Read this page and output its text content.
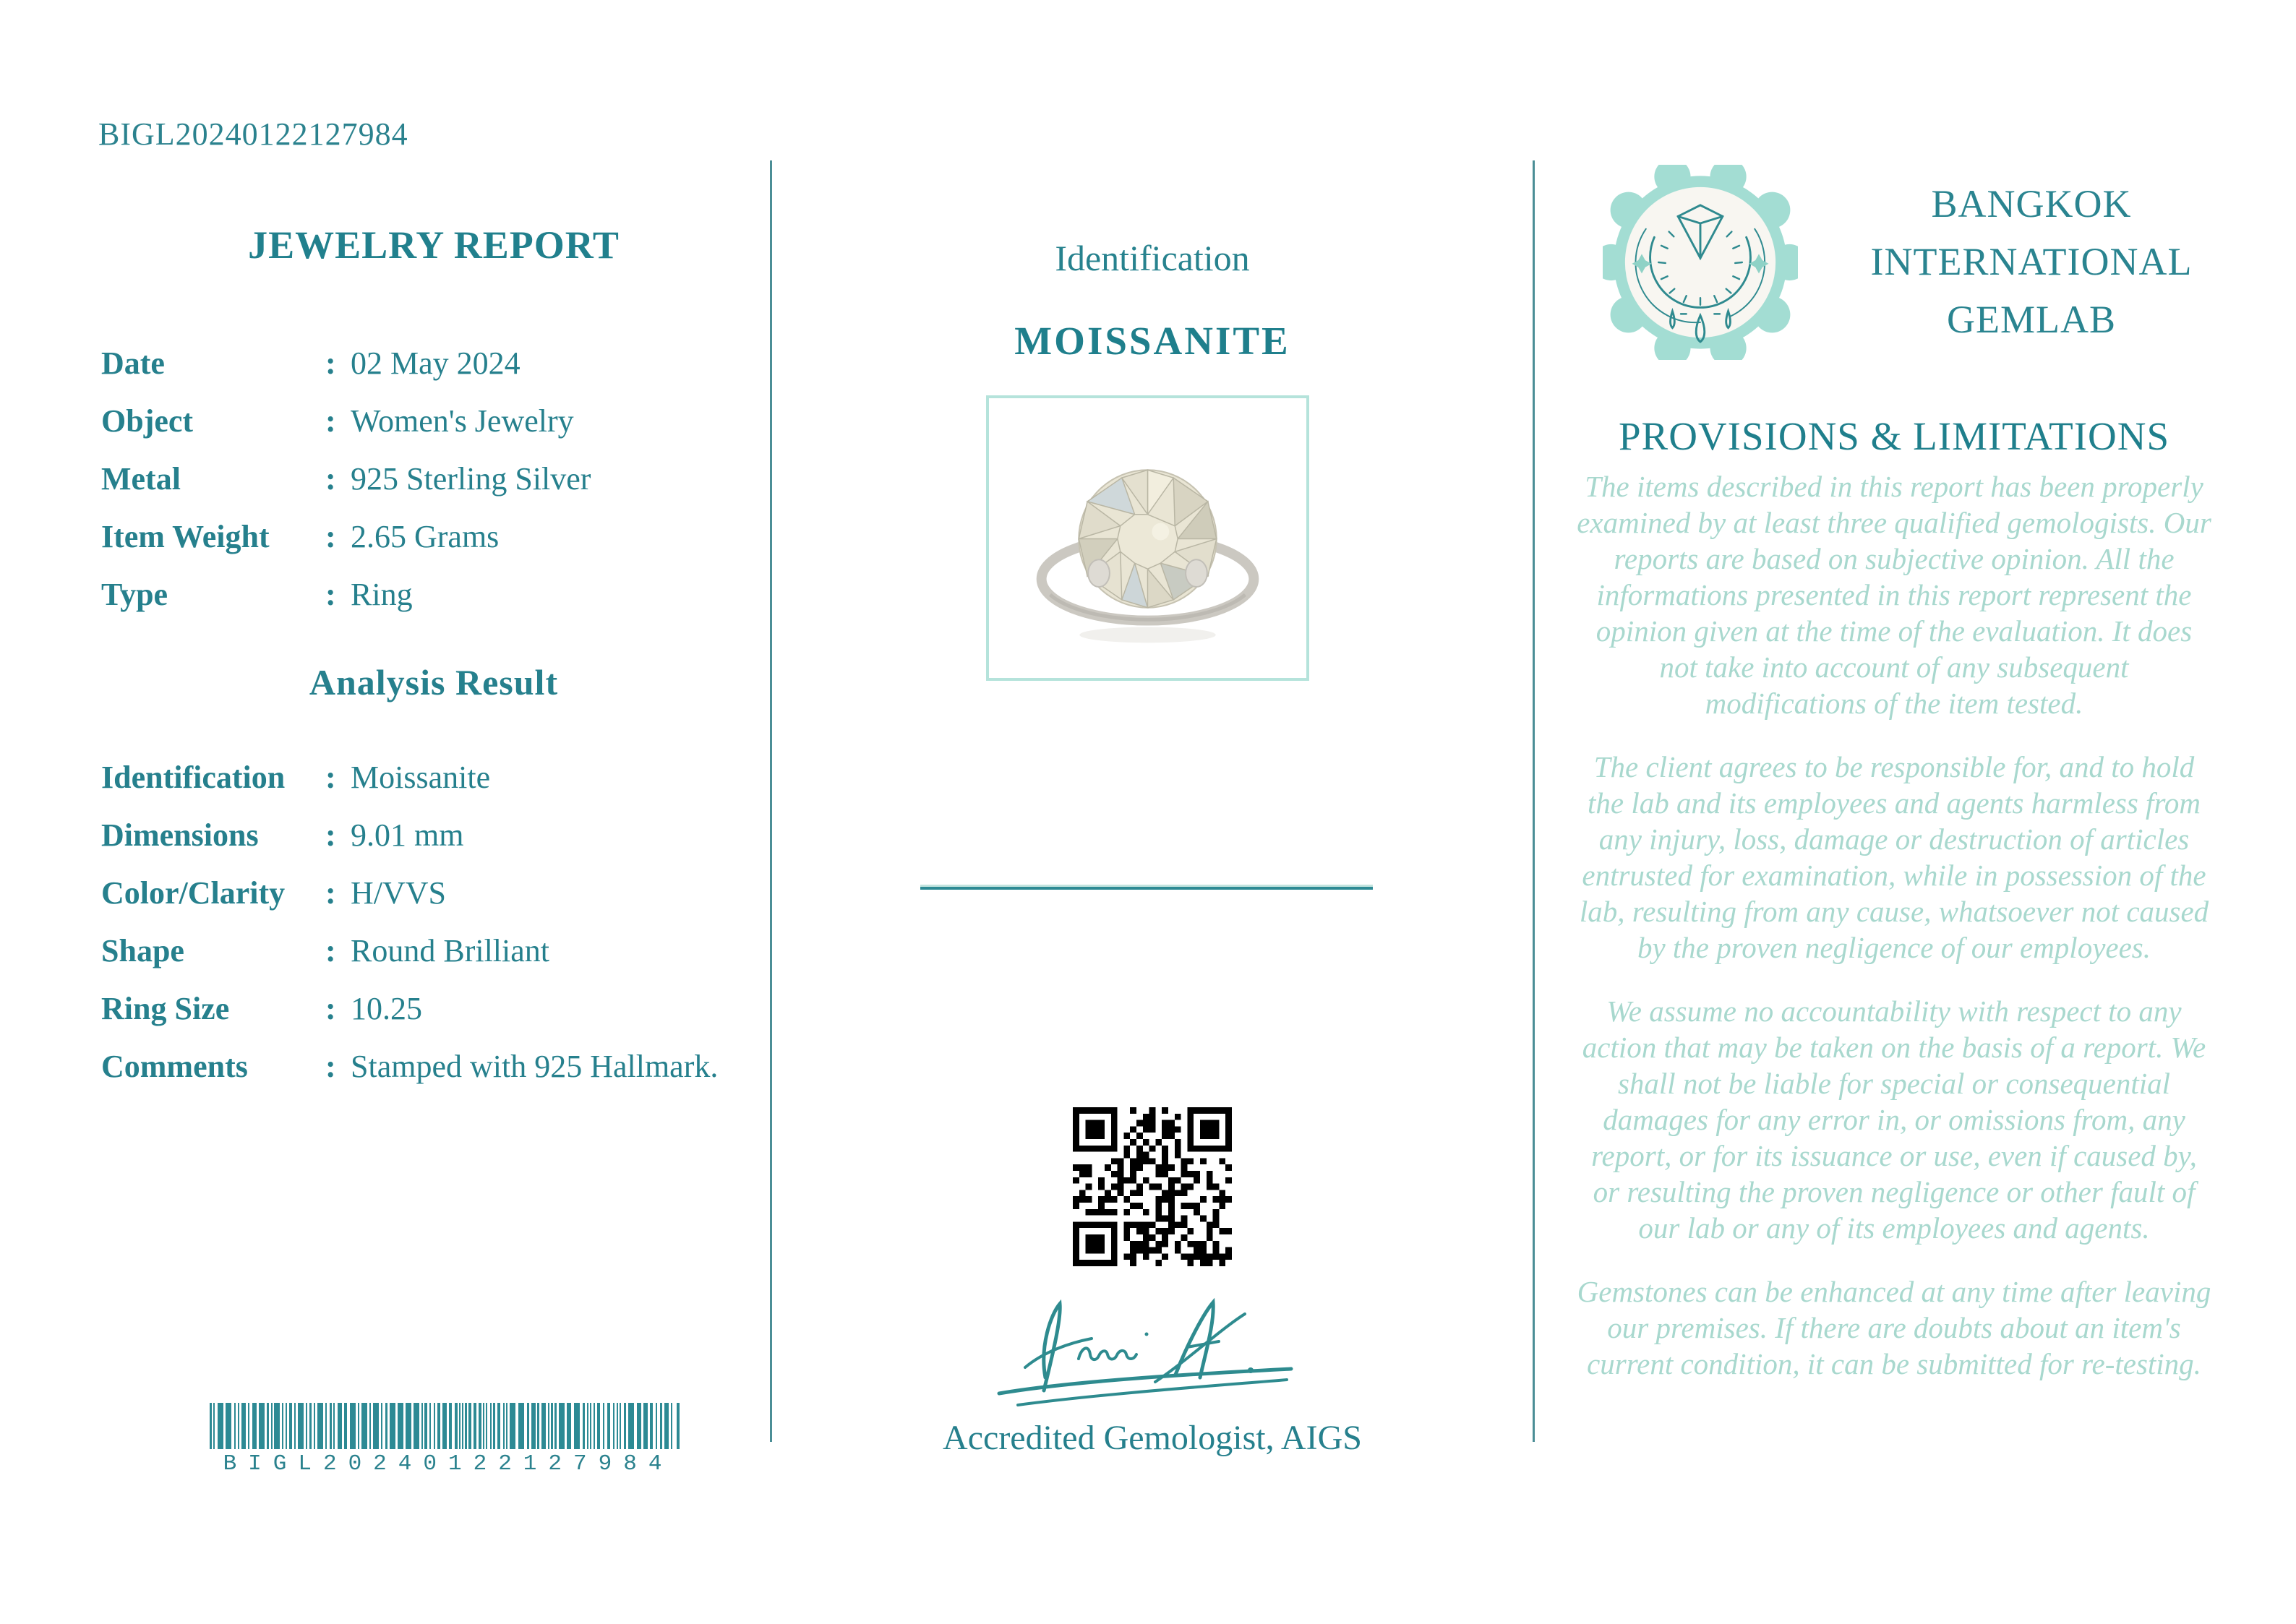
BIGL20240122127984
JEWELRY REPORT
Date	: 02 May 2024
Object	: Women's Jewelry
Metal	: 925 Sterling Silver
Item Weight	: 2.65 Grams
Type	: Ring
Analysis Result
Identification	: Moissanite
Dimensions	: 9.01 mm
Color/Clarity	: H/VVS
Shape	: Round Brilliant
Ring Size	: 10.25
Comments	: Stamped with 925 Hallmark.
BIGL20240122127984
Identification
MOISSANITE
Accredited Gemologist, AIGS
BANGKOK
INTERNATIONAL
GEMLAB
PROVISIONS & LIMITATIONS

The items described in this report has been properly examined by at least three qualified gemologists. Our reports are based on subjective opinion. All the informations presented in this report represent the opinion given at the time of the evaluation. It does not take into account of any subsequent modifications of the item tested.

The client agrees to be responsible for, and to hold the lab and its employees and agents harmless from any injury, loss, damage or destruction of articles entrusted for examination, while in possession of the lab, resulting from any cause, whatsoever not caused by the proven negligence of our employees.

We assume no accountability with respect to any action that may be taken on the basis of a report. We shall not be liable for special or consequential damages for any error in, or omissions from, any report, or for its issuance or use, even if caused by, or resulting the proven negligence or other fault of our lab or any of its employees and agents.

Gemstones can be enhanced at any time after leaving our premises. If there are doubts about an item's current condition, it can be submitted for re-testing.
